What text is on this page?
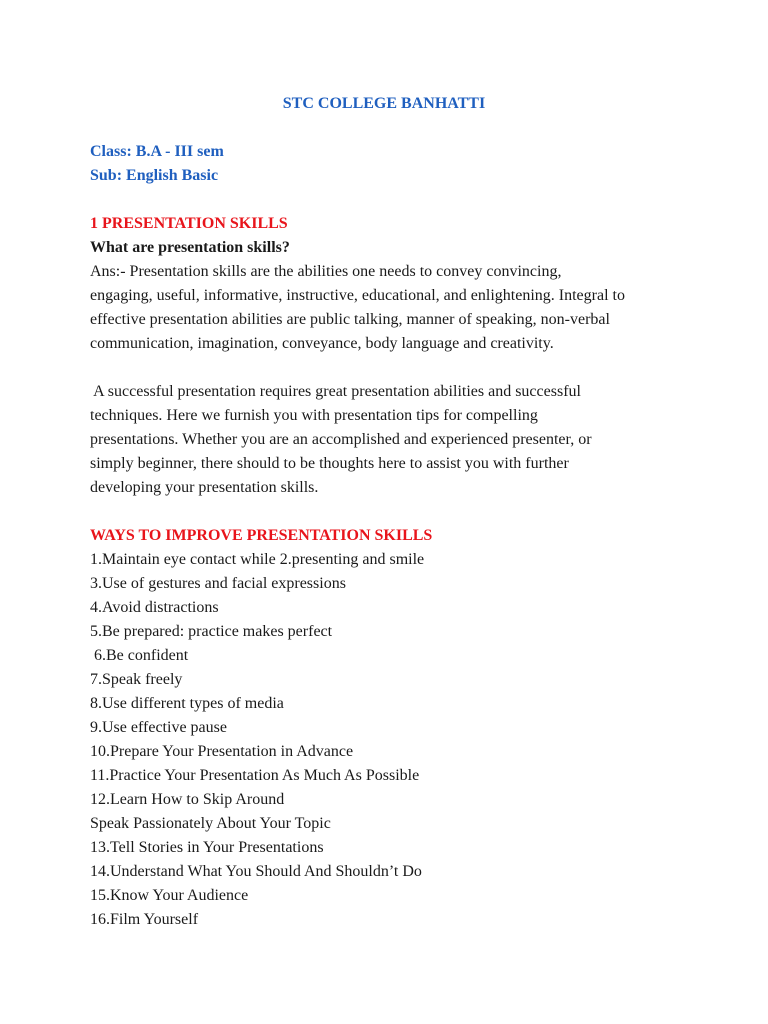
STC COLLEGE BANHATTI
Class: B.A - III sem
Sub: English Basic
1 PRESENTATION SKILLS
What are presentation skills?
Ans:- Presentation skills are the abilities one needs to convey convincing,
engaging, useful, informative, instructive, educational, and enlightening. Integral to
effective presentation abilities are public talking, manner of speaking, non-verbal
communication, imagination, conveyance, body language and creativity.
A successful presentation requires great presentation abilities and successful
techniques. Here we furnish you with presentation tips for compelling
presentations. Whether you are an accomplished and experienced presenter, or
simply beginner, there should to be thoughts here to assist you with further
developing your presentation skills.
WAYS TO IMPROVE PRESENTATION SKILLS
1.Maintain eye contact while 2.presenting and smile
3.Use of gestures and facial expressions
4.Avoid distractions
5.Be prepared: practice makes perfect
6.Be confident
7.Speak freely
8.Use different types of media
9.Use effective pause
10.Prepare Your Presentation in Advance
11.Practice Your Presentation As Much As Possible
12.Learn How to Skip Around
Speak Passionately About Your Topic
13.Tell Stories in Your Presentations
14.Understand What You Should And Shouldn’t Do
15.Know Your Audience
16.Film Yourself
